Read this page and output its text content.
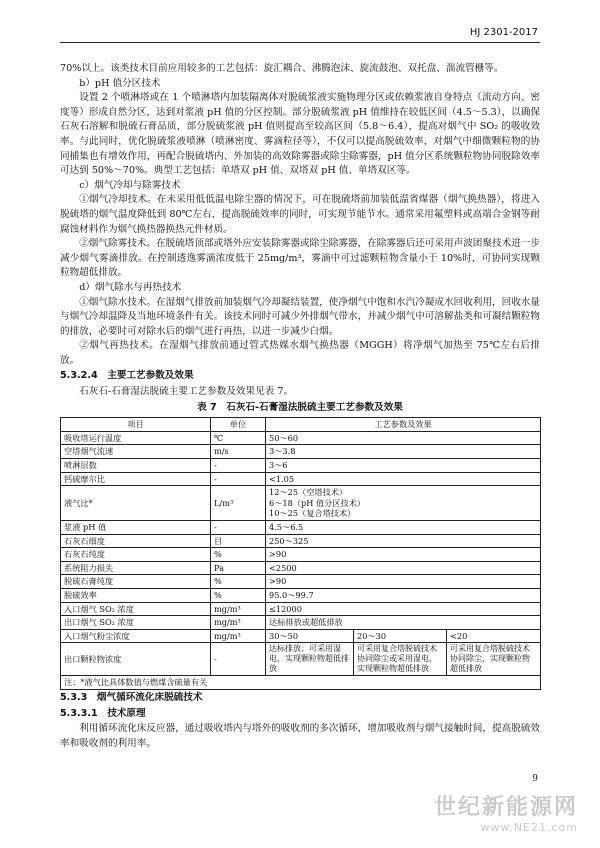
HJ 2301-2017

70%以上。该类技术目前应用较多的工艺包括：旋汇耦合、沸腾泡沫、旋流鼓泡、双托盘、湍流管栅等。

b）pH 值分区技术

设置 2 个喷淋塔或在 1 个喷淋塔内加装隔离体对脱硫浆液实施物理分区或依赖浆液自身特点（流动方向、密度等）形成自然分区，达到对浆液 pH 值的分区控制。部分脱硫浆液 pH 值维持在较低区间（4.5～5.3），以确保石灰石溶解和脱硫石膏品质，部分脱硫浆液 pH 值则提高至较高区间（5.8～6.4），提高对烟气中 SO₂ 的吸收效率。与此同时，优化脱硫浆液喷淋（喷淋密度、雾滴粒径等），不仅可以提高脱硫效率，对烟气中细微颗粒物的协同捕集也有增效作用，再配合脱硫塔内、外加装的高效除雾器或除尘除雾器，pH 值分区系统颗粒物协同脱除效率可达到 50%～70%。典型工艺包括：单塔双 pH 值、双塔双 pH 值、单塔双区等。

c）烟气冷却与除雾技术

①烟气冷却技术。在未采用低低温电除尘器的情况下，可在脱硫塔前加装低温省煤器（烟气换热器），将进入脱硫塔的烟气温度降低到 80℃左右，提高脱硫效率的同时，可实现节能节水。通常采用氟塑料或高端合金钢等耐腐蚀材料作为烟气换热器换热元件材质。

②烟气除雾技术。在脱硫塔顶部或塔外应安装除雾器或除尘除雾器，在除雾器后还可采用声波团聚技术进一步减少烟气雾滴排放。在控制透逸雾滴浓度低于 25mg/m³，雾滴中可过滤颗粒物含量小于 10%时，可协同实现颗粒物超低排放。

d）烟气除水与再热技术

①烟气除水技术。在湿烟气排放前加装烟气冷却凝结装置，使净烟气中饱和水汽冷凝成水回收利用，回收水量与烟气冷却温降及当地环境条件有关。该技术同时可减少外排烟气带水，并减少烟气中可溶解盐类和可凝结颗粒物的排放，必要时可对除水后的烟气进行再热，以进一步减少白烟。

②烟气再热技术。在湿烟气排放前通过管式热媒水烟气换热器（MGGH）将净烟气加热至 75℃左右后排放。

5.3.2.4　主要工艺参数及效果

石灰石-石膏湿法脱硫主要工艺参数及效果见表 7。

表 7　石灰石-石膏湿法脱硫主要工艺参数及效果

项目	单位	工艺参数及效果		
吸收塔运行温度	℃	50～60		
空塔烟气流速	m/s	3～3.8		
喷淋层数	-	3～6		
钙硫摩尔比	-	<1.05		
液气比*	L/m³	12～25（空塔技术）
6～18（pH 值分区技术）
10～25（复合塔技术）		

浆液 pH 值	-	4.5～6.5		
石灰石细度	目	250～325		
石灰石纯度	%	>90		
系统阻力损失	Pa	<2500		
脱硫石膏纯度	%	>90		
脱硫效率	%	95.0～99.7		
入口烟气 SO₂ 浓度	mg/m³	≤12000		
出口烟气 SO₂ 浓度	mg/m³	达标排放或超低排放		
入口烟气粉尘浓度	mg/m³	30～50	20～30	<20
出口颗粒物浓度	-	达标排放；可采用湿电，实现颗粒物超低排放	可采用复合塔脱硫技术协同除尘或采用湿电，实现颗粒物超低排放	可采用复合塔脱硫技术协同除尘，实现颗粒物超低排放
注：*液气比具体数值与燃煤含硫量有关				

5.3.3　烟气循环流化床脱硫技术

5.3.3.1　技术原理

利用循环流化床反应器，通过吸收塔内与塔外的吸收剂的多次循环，增加吸收剂与烟气接触时间，提高脱硫效率和吸收剂的利用率。

9
世纪新能源网
www.NE21.com
